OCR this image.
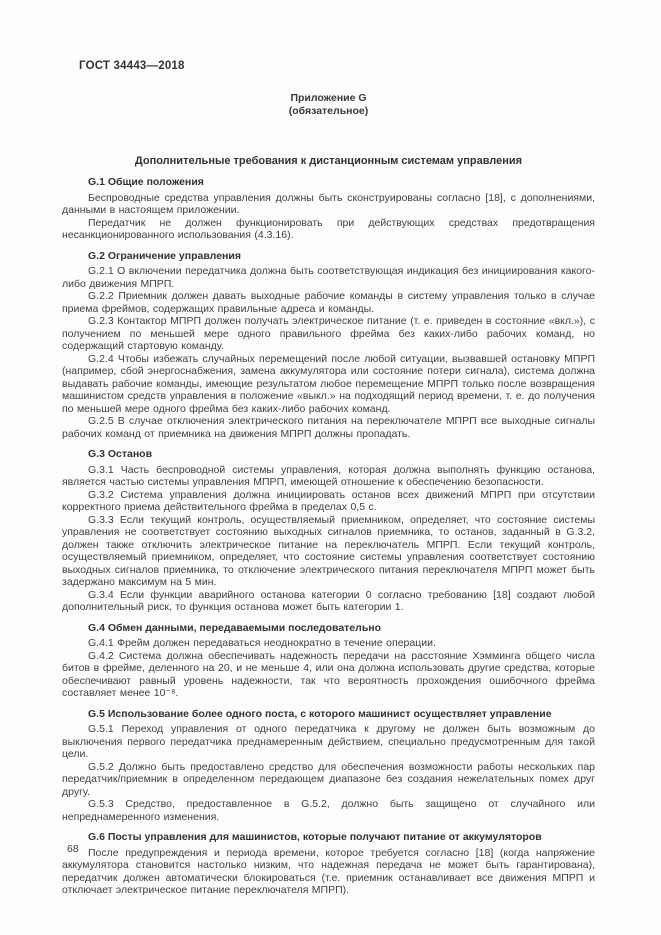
ГОСТ 34443—2018
Приложение G
(обязательное)
Дополнительные требования к дистанционным системам управления
G.1 Общие положения

Беспроводные средства управления должны быть сконструированы согласно [18], с дополнениями, данными в настоящем приложении.

Передатчик не должен функционировать при действующих средствах предотвращения несанкционированного использования (4.3.16).

G.2 Ограничение управления

G.2.1 О включении передатчика должна быть соответствующая индикация без инициирования какого-либо движения МПРП.

G.2.2 Приемник должен давать выходные рабочие команды в систему управления только в случае приема фреймов, содержащих правильные адреса и команды.

G.2.3 Контактор МПРП должен получать электрическое питание (т. е. приведен в состояние «вкл.»), с получением по меньшей мере одного правильного фрейма без каких-либо рабочих команд, но содержащий стартовую команду.

G.2.4 Чтобы избежать случайных перемещений после любой ситуации, вызвавшей остановку МПРП (например, сбой энергоснабжения, замена аккумулятора или состояние потери сигнала), система должна выдавать рабочие команды, имеющие результатом любое перемещение МПРП только после возвращения машинистом средств управления в положение «выкл.» на подходящий период времени, т. е. до получения по меньшей мере одного фрейма без каких-либо рабочих команд.

G.2.5 В случае отключения электрического питания на переключателе МПРП все выходные сигналы рабочих команд от приемника на движения МПРП должны пропадать.

G.3 Останов

G.3.1 Часть беспроводной системы управления, которая должна выполнять функцию останова, является частью системы управления МПРП, имеющей отношение к обеспечению безопасности.

G.3.2 Система управления должна инициировать останов всех движений МПРП при отсутствии корректного приема действительного фрейма в пределах 0,5 с.

G.3.3 Если текущий контроль, осуществляемый приемником, определяет, что состояние системы управления не соответствует состоянию выходных сигналов приемника, то останов, заданный в G.3.2, должен также отключить электрическое питание на переключатель МПРП. Если текущий контроль, осуществляемый приемником, определяет, что состояние системы управления соответствует состоянию выходных сигналов приемника, то отключение электрического питания переключателя МПРП может быть задержано максимум на 5 мин.

G.3.4 Если функции аварийного останова категории 0 согласно требованию [18] создают любой дополнительный риск, то функция останова может быть категории 1.

G.4 Обмен данными, передаваемыми последовательно

G.4.1 Фрейм должен передаваться неоднократно в течение операции.

G.4.2 Система должна обеспечивать надежность передачи на расстояние Хэмминга общего числа битов в фрейме, деленного на 20, и не меньше 4, или она должна использовать другие средства, которые обеспечивают равный уровень надежности, так что вероятность прохождения ошибочного фрейма составляет менее 10⁻⁸.

G.5 Использование более одного поста, с которого машинист осуществляет управление

G.5.1 Переход управления от одного передатчика к другому не должен быть возможным до выключения первого передатчика преднамеренным действием, специально предусмотренным для такой цели.

G.5.2 Должно быть предоставлено средство для обеспечения возможности работы нескольких пар передатчик/приемник в определенном передающем диапазоне без создания нежелательных помех друг другу.

G.5.3 Средство, предоставленное в G.5.2, должно быть защищено от случайного или непреднамеренного изменения.

G.6 Посты управления для машинистов, которые получают питание от аккумуляторов

После предупреждения и периода времени, которое требуется согласно [18] (когда напряжение аккумулятора становится настолько низким, что надежная передача не может быть гарантирована), передатчик должен автоматически блокироваться (т.е. приемник останавливает все движения МПРП и отключает электрическое питание переключателя МПРП).

68
